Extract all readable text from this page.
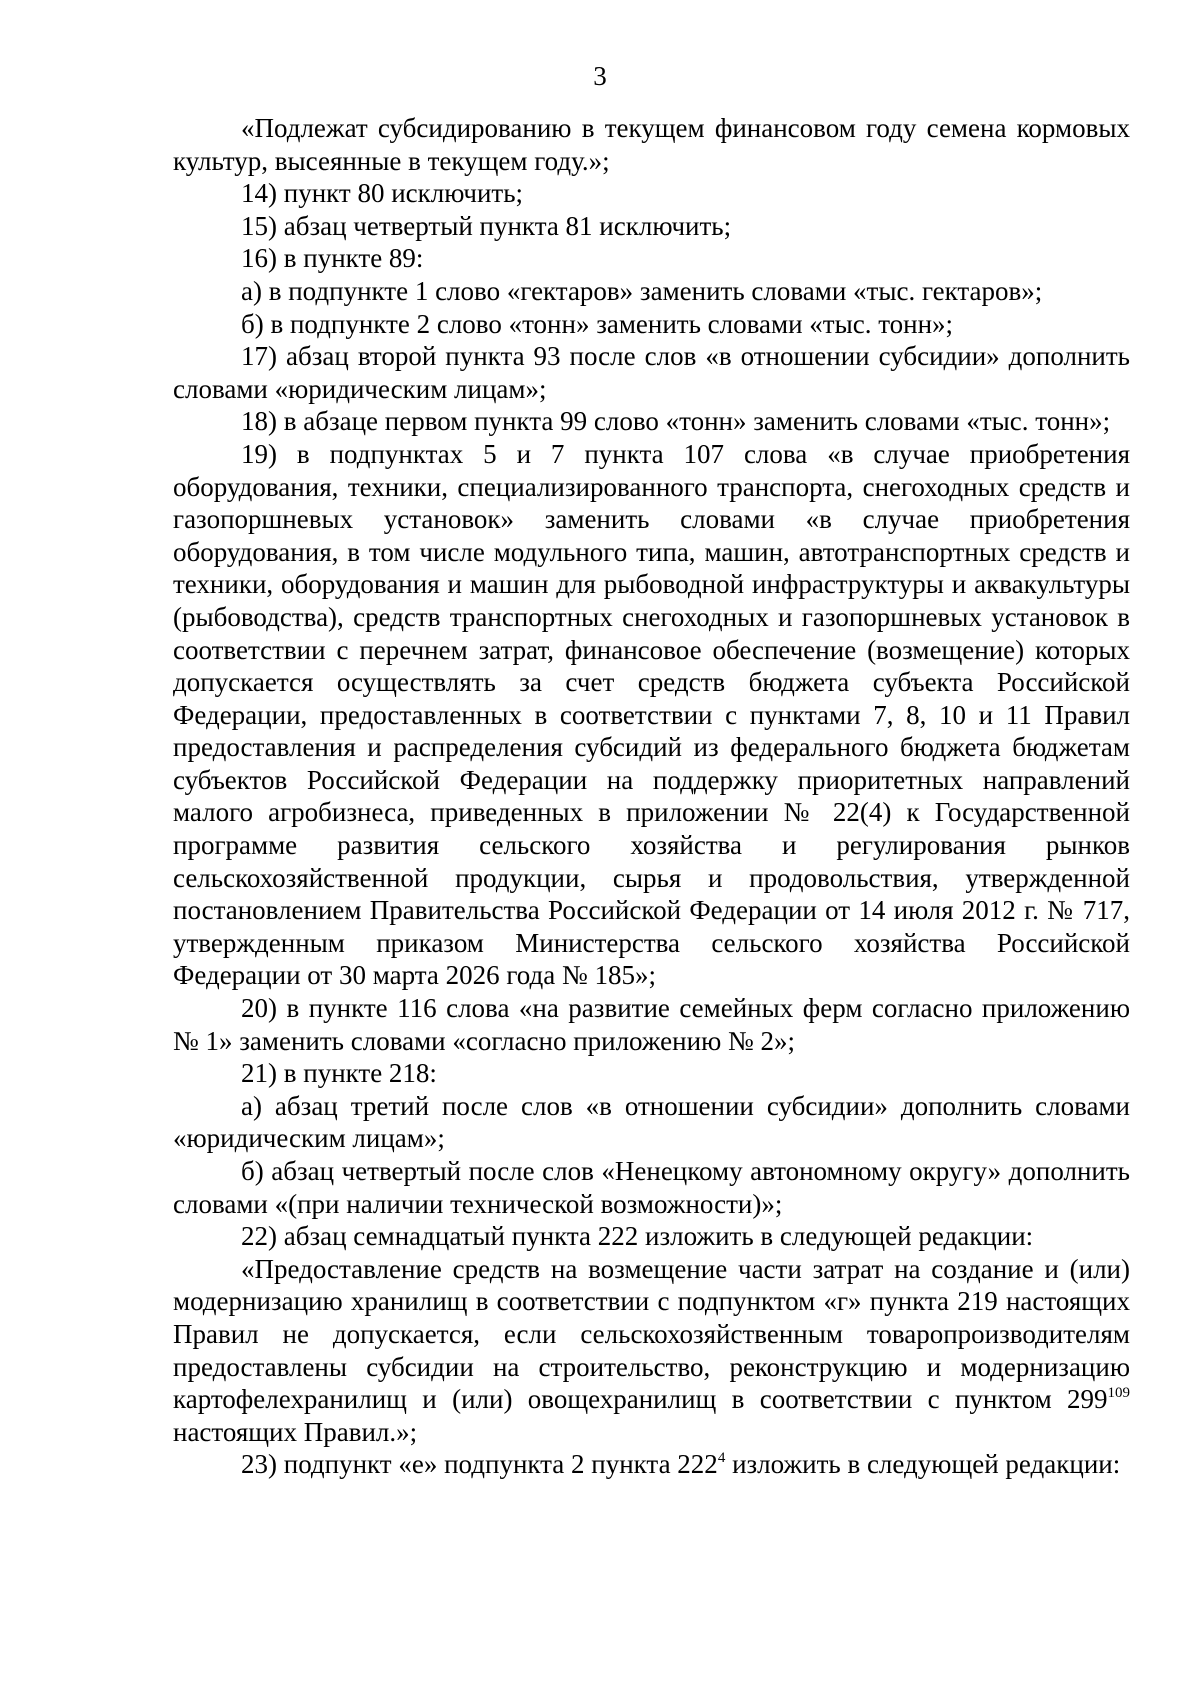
3

«Подлежат субсидированию в текущем финансовом году семена кормовых культур, высеянные в текущем году.»;

14) пункт 80 исключить;

15) абзац четвертый пункта 81 исключить;

16) в пункте 89:

а) в подпункте 1 слово «гектаров» заменить словами «тыс. гектаров»;

б) в подпункте 2 слово «тонн» заменить словами «тыс. тонн»;

17) абзац второй пункта 93 после слов «в отношении субсидии» дополнить словами «юридическим лицам»;

18) в абзаце первом пункта 99 слово «тонн» заменить словами «тыс. тонн»;

19) в подпунктах 5 и 7 пункта 107 слова «в случае приобретения оборудования, техники, специализированного транспорта, снегоходных средств и газопоршневых установок» заменить словами «в случае приобретения оборудования, в том числе модульного типа, машин, автотранспортных средств и техники, оборудования и машин для рыбоводной инфраструктуры и аквакультуры (рыбоводства), средств транспортных снегоходных и газопоршневых установок в соответствии с перечнем затрат, финансовое обеспечение (возмещение) которых допускается осуществлять за счет средств бюджета субъекта Российской Федерации, предоставленных в соответствии с пунктами 7, 8, 10 и 11 Правил предоставления и распределения субсидий из федерального бюджета бюджетам субъектов Российской Федерации на поддержку приоритетных направлений малого агробизнеса, приведенных в приложении № 22(4) к Государственной программе развития сельского хозяйства и регулирования рынков сельскохозяйственной продукции, сырья и продовольствия, утвержденной постановлением Правительства Российской Федерации от 14 июля 2012 г. № 717, утвержденным приказом Министерства сельского хозяйства Российской Федерации от 30 марта 2026 года № 185»;

20) в пункте 116 слова «на развитие семейных ферм согласно приложению № 1» заменить словами «согласно приложению № 2»;

21) в пункте 218:

а) абзац третий после слов «в отношении субсидии» дополнить словами «юридическим лицам»;

б) абзац четвертый после слов «Ненецкому автономному округу» дополнить словами «(при наличии технической возможности)»;

22) абзац семнадцатый пункта 222 изложить в следующей редакции:

«Предоставление средств на возмещение части затрат на создание и (или) модернизацию хранилищ в соответствии с подпунктом «г» пункта 219 настоящих Правил не допускается, если сельскохозяйственным товаропроизводителям предоставлены субсидии на строительство, реконструкцию и модернизацию картофелехранилищ и (или) овощехранилищ в соответствии с пунктом $299^{109}$ настоящих Правил.»;

23) подпункт «е» подпункта 2 пункта $222^4$ изложить в следующей редакции:
